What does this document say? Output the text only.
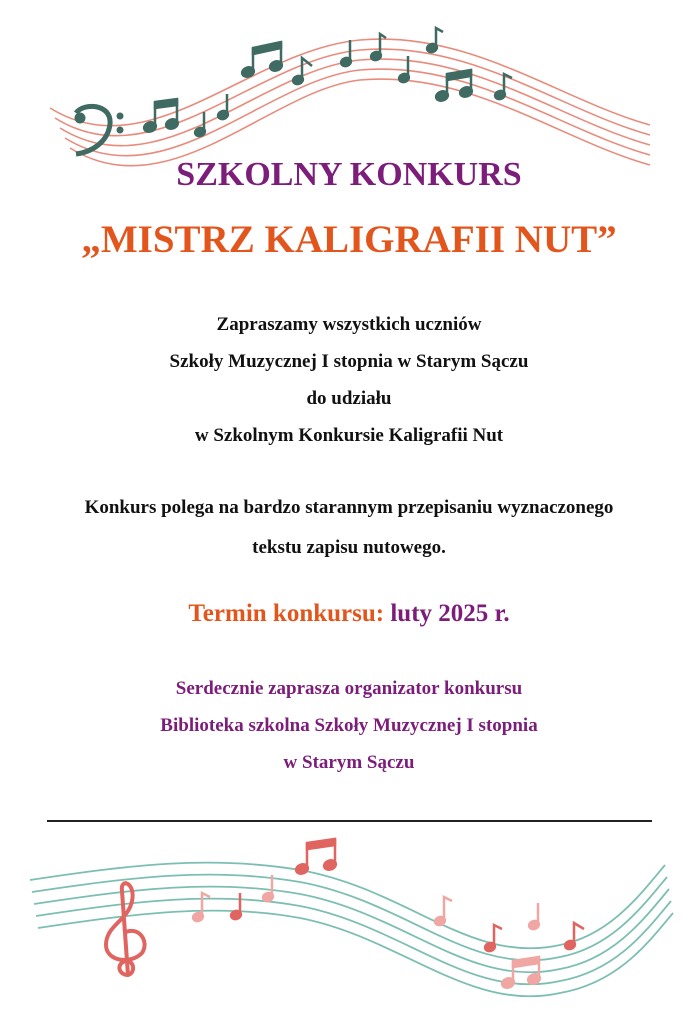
SZKOLNY KONKURS
„MISTRZ KALIGRAFII NUT”
Zapraszamy wszystkich uczniów
Szkoły Muzycznej I stopnia w Starym Sączu
do udziału
w Szkolnym Konkursie Kaligrafii Nut
Konkurs polega na bardzo starannym przepisaniu wyznaczonego
tekstu zapisu nutowego.
Termin konkursu: luty 2025 r.
Serdecznie zaprasza organizator konkursu
Biblioteka szkolna Szkoły Muzycznej I stopnia
w Starym Sączu
